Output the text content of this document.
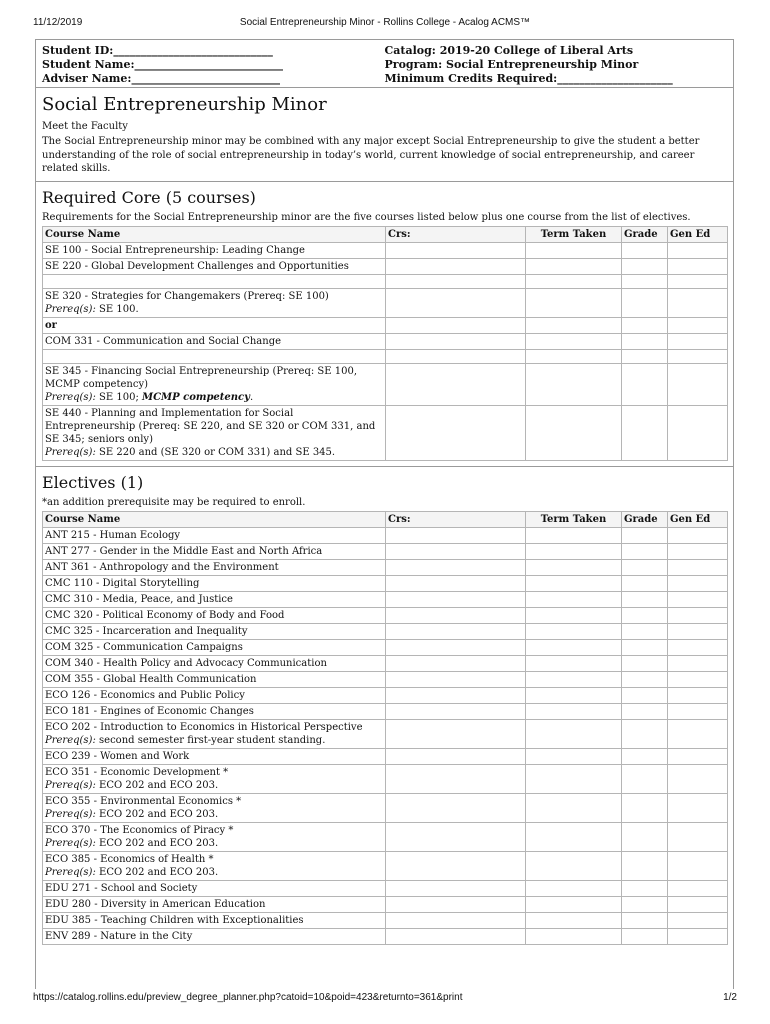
11/12/2019	Social Entrepreneurship Minor - Rollins College - Acalog ACMS™
Student ID:_____________________________
Student Name:___________________________
Adviser Name:___________________________
Catalog: 2019-20 College of Liberal Arts
Program: Social Entrepreneurship Minor
Minimum Credits Required:_____________________
Social Entrepreneurship Minor
Meet the Faculty
The Social Entrepreneurship minor may be combined with any major except Social Entrepreneurship to give the student a better understanding of the role of social entrepreneurship in today’s world, current knowledge of social entrepreneurship, and career related skills.
Required Core (5 courses)
Requirements for the Social Entrepreneurship minor are the five courses listed below plus one course from the list of electives.
Course Name	Crs:	Term Taken	Grade	Gen Ed
SE 100 - Social Entrepreneurship: Leading Change				
SE 220 - Global Development Challenges and Opportunities				

SE 320 - Strategies for Changemakers (Prereq: SE 100)
Prereq(s): SE 100.				

or				
COM 331 - Communication and Social Change				

SE 345 - Financing Social Entrepreneurship (Prereq: SE 100, MCMP competency)
Prereq(s): SE 100; MCMP competency.				

SE 440 - Planning and Implementation for Social Entrepreneurship (Prereq: SE 220, and SE 320 or COM 331, and SE 345; seniors only)
Prereq(s): SE 220 and (SE 320 or COM 331) and SE 345.				

Electives (1)
*an addition prerequisite may be required to enroll.
Course Name	Crs:	Term Taken	Grade	Gen Ed

ANT 215 - Human Ecology				

ANT 277 - Gender in the Middle East and North Africa				

ANT 361 - Anthropology and the Environment				

CMC 110 - Digital Storytelling				

CMC 310 - Media, Peace, and Justice				

CMC 320 - Political Economy of Body and Food				

CMC 325 - Incarceration and Inequality				

COM 325 - Communication Campaigns				

COM 340 - Health Policy and Advocacy Communication				

COM 355 - Global Health Communication				

ECO 126 - Economics and Public Policy				

ECO 181 - Engines of Economic Changes				

ECO 202 - Introduction to Economics in Historical Perspective
Prereq(s): second semester first-year student standing.				

ECO 239 - Women and Work				

ECO 351 - Economic Development *
Prereq(s): ECO 202 and ECO 203.				

ECO 355 - Environmental Economics *
Prereq(s): ECO 202 and ECO 203.				

ECO 370 - The Economics of Piracy *
Prereq(s): ECO 202 and ECO 203.				

ECO 385 - Economics of Health *
Prereq(s): ECO 202 and ECO 203.				

EDU 271 - School and Society				

EDU 280 - Diversity in American Education				

EDU 385 - Teaching Children with Exceptionalities				

ENV 289 - Nature in the City				

https://catalog.rollins.edu/preview_degree_planner.php?catoid=10&poid=423&returnto=361&print	1/2
